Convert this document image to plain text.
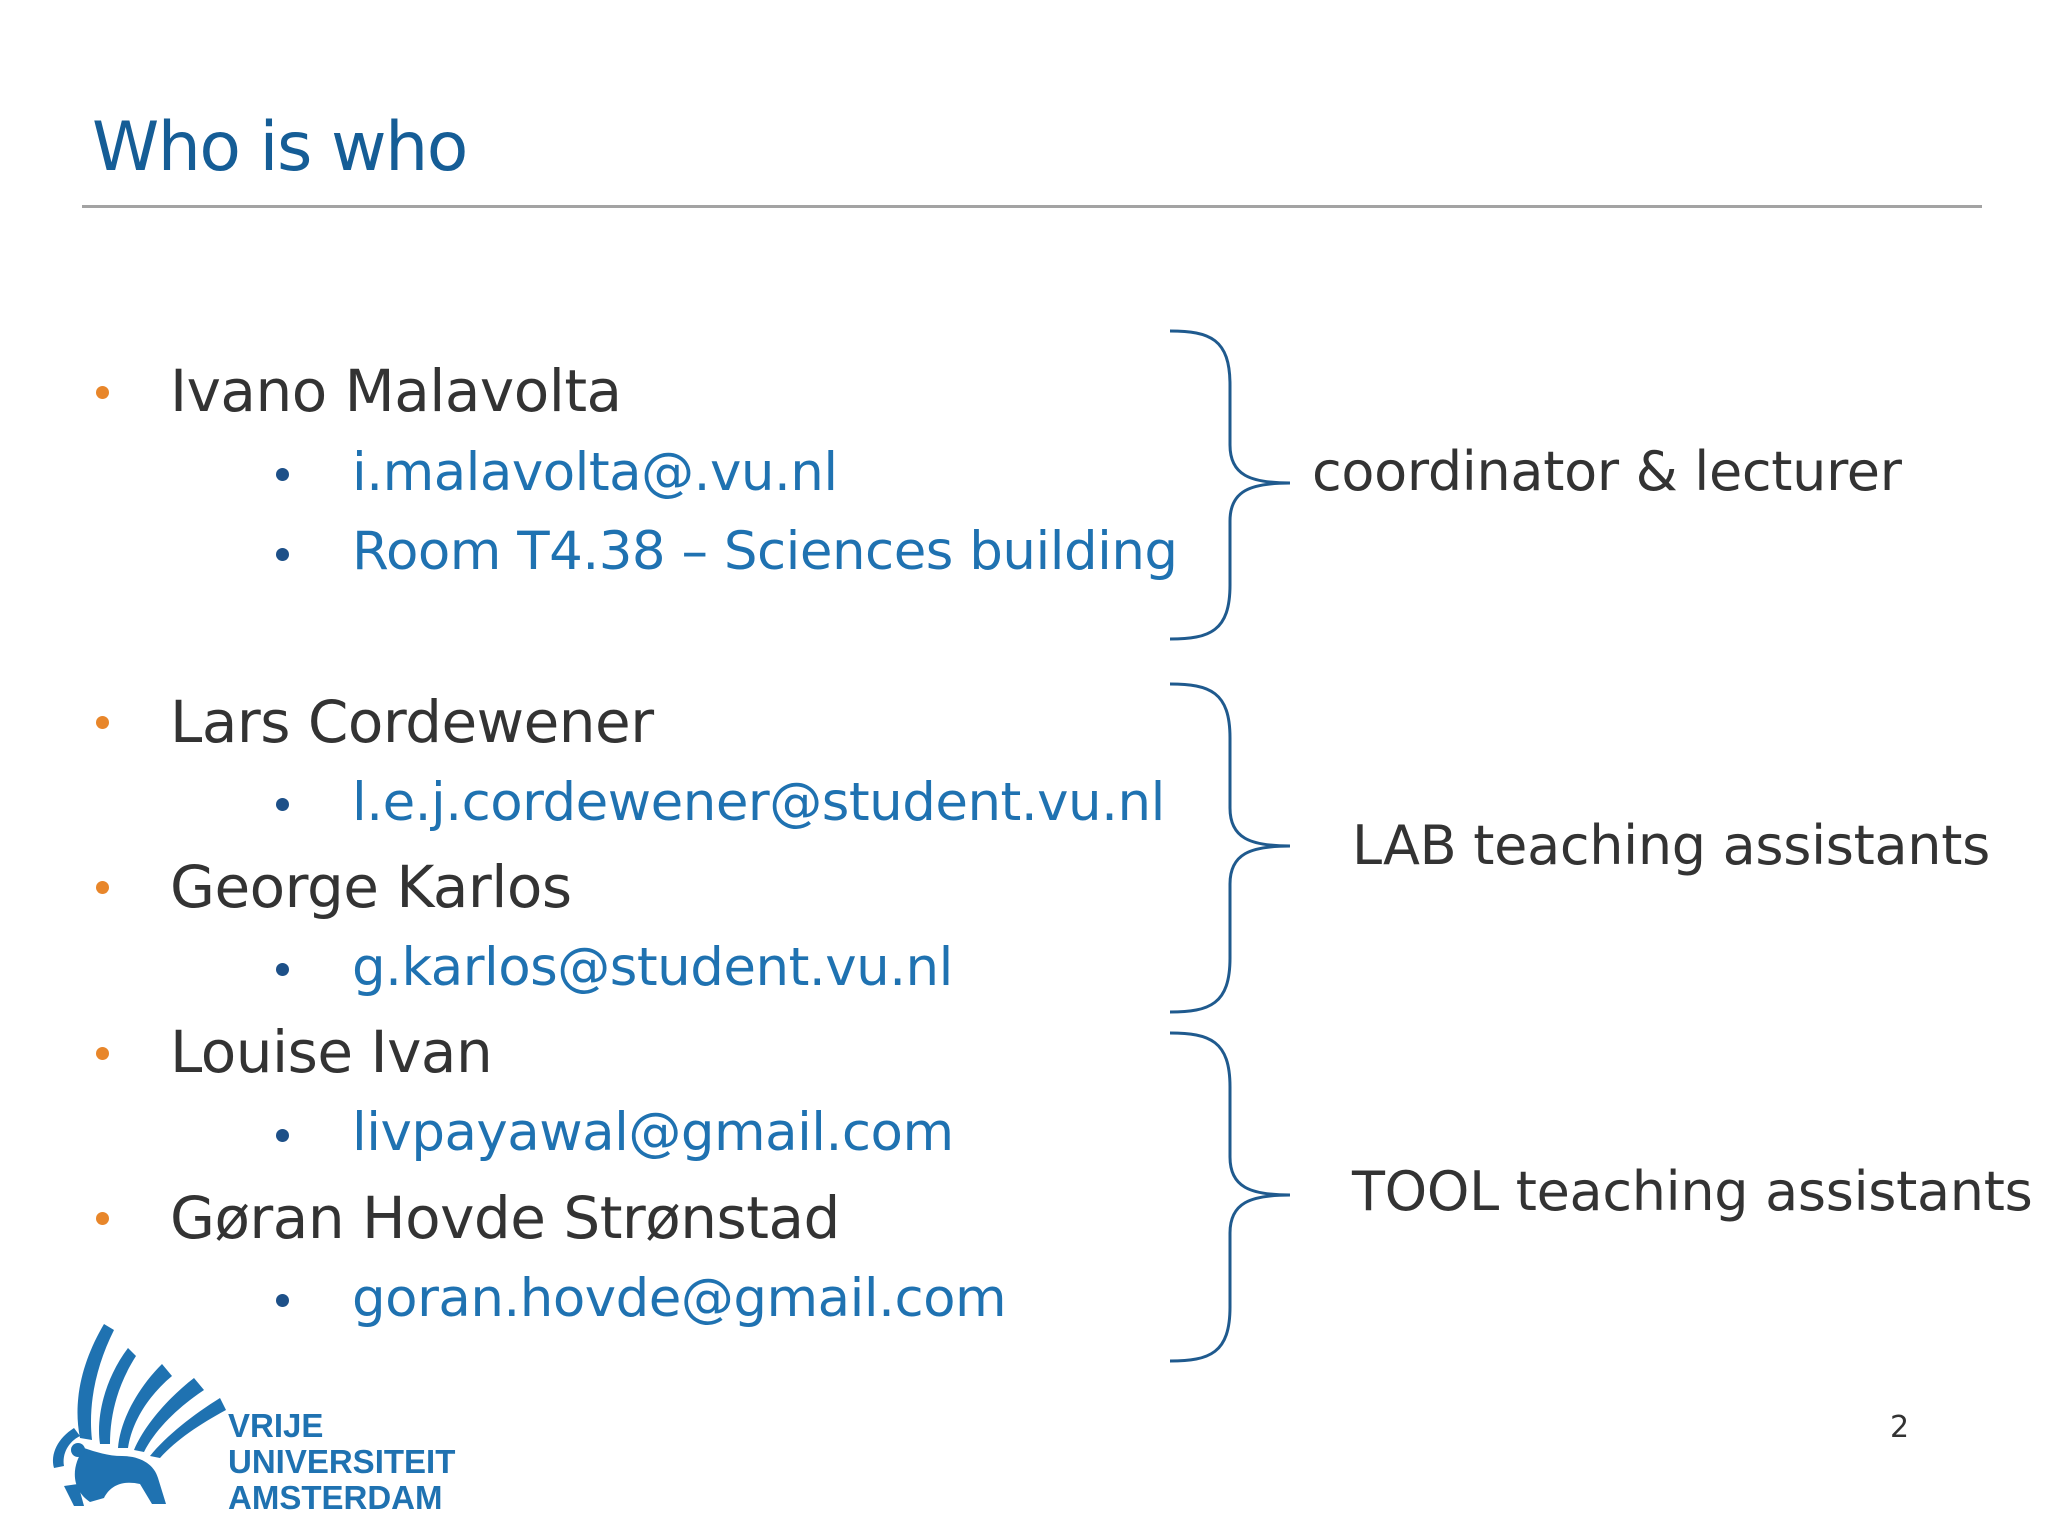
Who is who
Ivano Malavolta
i.malavolta@.vu.nl
Room T4.38 – Sciences building
Lars Cordewener
l.e.j.cordewener@student.vu.nl
George Karlos
g.karlos@student.vu.nl
Louise Ivan
livpayawal@gmail.com
Gøran Hovde Strønstad
goran.hovde@gmail.com
coordinator & lecturer
LAB teaching assistants
TOOL teaching assistants
2
VRIJE
UNIVERSITEIT
AMSTERDAM
